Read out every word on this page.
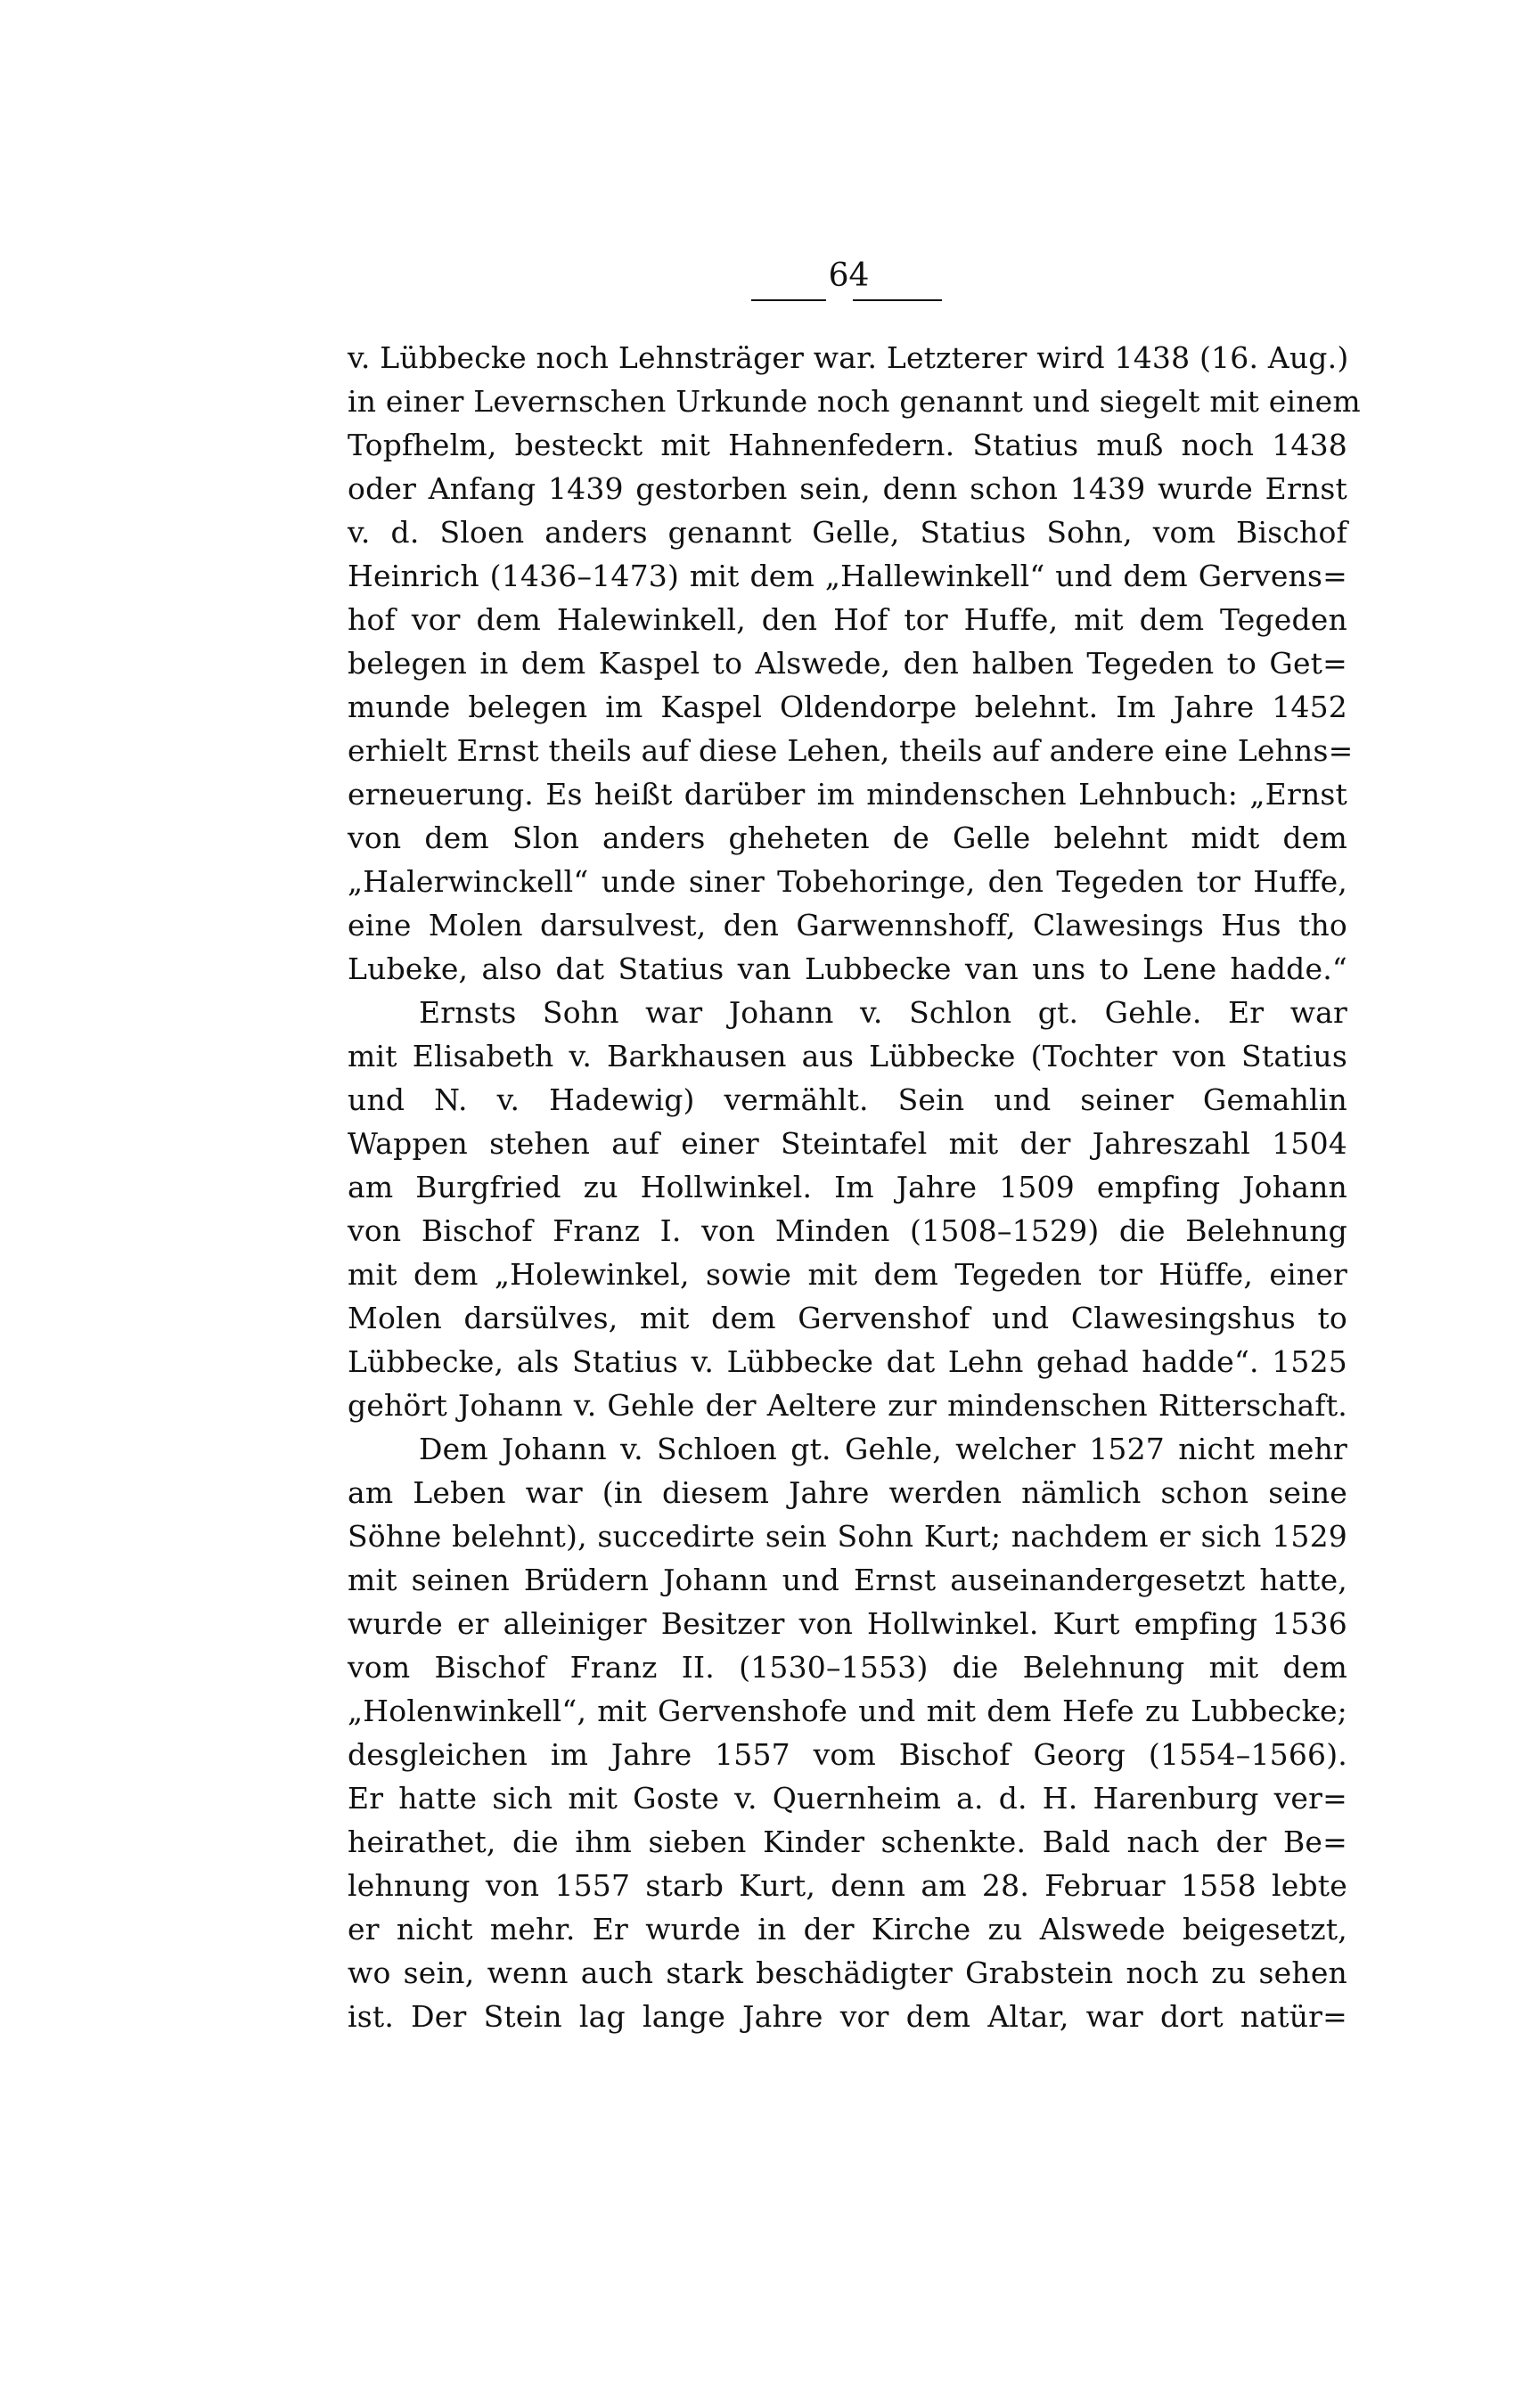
64
v. Lübbecke noch Lehnsträger war. Letzterer wird 1438 (16. Aug.)
in einer Levernschen Urkunde noch genannt und siegelt mit einem
Topfhelm, besteckt mit Hahnenfedern. Statius muß noch 1438
oder Anfang 1439 gestorben sein, denn schon 1439 wurde Ernst
v. d. Sloen anders genannt Gelle, Statius Sohn, vom Bischof
Heinrich (1436–1473) mit dem „Hallewinkell“ und dem Gervens=
hof vor dem Halewinkell, den Hof tor Huffe, mit dem Tegeden
belegen in dem Kaspel to Alswede, den halben Tegeden to Get=
munde belegen im Kaspel Oldendorpe belehnt. Im Jahre 1452
erhielt Ernst theils auf diese Lehen, theils auf andere eine Lehns=
erneuerung. Es heißt darüber im mindenschen Lehnbuch: „Ernst
von dem Slon anders gheheten de Gelle belehnt midt dem
„Halerwinckell“ unde siner Tobehoringe, den Tegeden tor Huffe,
eine Molen darsulvest, den Garwennshoff, Clawesings Hus tho
Lubeke, also dat Statius van Lubbecke van uns to Lene hadde.“
Ernsts Sohn war Johann v. Schlon gt. Gehle. Er war
mit Elisabeth v. Barkhausen aus Lübbecke (Tochter von Statius
und N. v. Hadewig) vermählt. Sein und seiner Gemahlin
Wappen stehen auf einer Steintafel mit der Jahreszahl 1504
am Burgfried zu Hollwinkel. Im Jahre 1509 empfing Johann
von Bischof Franz I. von Minden (1508–1529) die Belehnung
mit dem „Holewinkel, sowie mit dem Tegeden tor Hüffe, einer
Molen darsülves, mit dem Gervenshof und Clawesingshus to
Lübbecke, als Statius v. Lübbecke dat Lehn gehad hadde“. 1525
gehört Johann v. Gehle der Aeltere zur mindenschen Ritterschaft.
Dem Johann v. Schloen gt. Gehle, welcher 1527 nicht mehr
am Leben war (in diesem Jahre werden nämlich schon seine
Söhne belehnt), succedirte sein Sohn Kurt; nachdem er sich 1529
mit seinen Brüdern Johann und Ernst auseinandergesetzt hatte,
wurde er alleiniger Besitzer von Hollwinkel. Kurt empfing 1536
vom Bischof Franz II. (1530–1553) die Belehnung mit dem
„Holenwinkell“, mit Gervenshofe und mit dem Hefe zu Lubbecke;
desgleichen im Jahre 1557 vom Bischof Georg (1554–1566).
Er hatte sich mit Goste v. Quernheim a. d. H. Harenburg ver=
heirathet, die ihm sieben Kinder schenkte. Bald nach der Be=
lehnung von 1557 starb Kurt, denn am 28. Februar 1558 lebte
er nicht mehr. Er wurde in der Kirche zu Alswede beigesetzt,
wo sein, wenn auch stark beschädigter Grabstein noch zu sehen
ist. Der Stein lag lange Jahre vor dem Altar, war dort natür=
